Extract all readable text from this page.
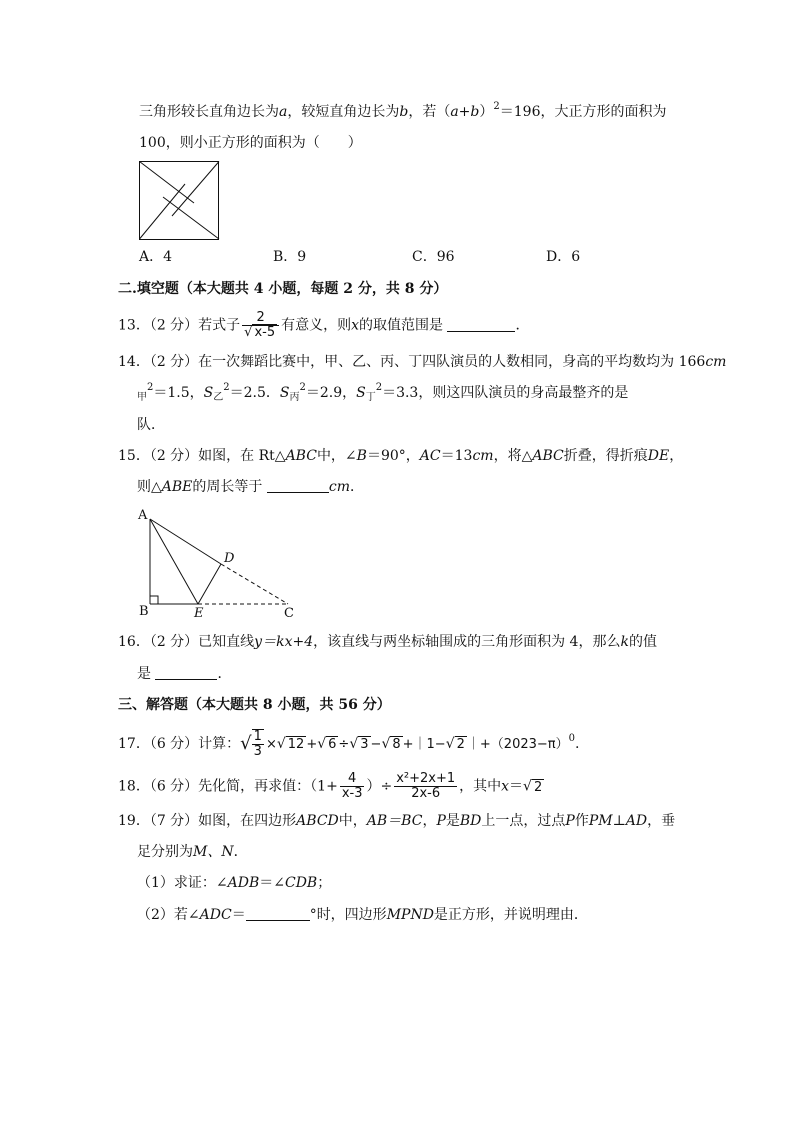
三角形较长直角边长为a，较短直角边长为b，若$(a+b)^2=196$，大正方形的面积为
100，则小正方形的面积为（　　）
A．4	B．9	C．96	D．6
二.填空题（本大题共 4 小题，每题 2 分，共 8 分）
13．（2 分）若式子 $\frac{2}{√ x-5}$ 有意义，则x的取值范围是	．
14．（2 分）在一次舞蹈比赛中，甲、乙、丙、丁四队演员的人数相同，身高的平均数均为 166cm
$_甲^2$＝1.5，$S_乙^2=2.5$．$S_丙^2=2.9$，$S_丁^2=3.3$，则这四队演员的身高最整齐的是
队．
15．（2 分）如图，在 Rt△ABC中，∠B＝90°，AC＝13cm，将△ABC折叠，得折痕DE，
则△ABE的周长等于	cm．
A
B	E	C
D
16．（2 分）已知直线y＝kx+4，该直线与两坐标轴围成的三角形面积为 4，那么k的值
是	．
三、解答题（本大题共 8 小题，共 56 分）
17．（6 分）计算：√ $\frac{1}{3}$ ×√ 12 +√ 6 ÷√ 3 −√ 8 +｜1−√ 2 $|+(2023-\pi)^0$.
18．（6 分）先化简，再求值：（$1+ \frac{4}{x-3}$ ）÷ $\frac{\text{x²+2x+1}}{2x-6}$ ，其中x＝√ 2
19．（7 分）如图，在四边形ABCD中，AB＝BC，P是BD上一点，过点P作PM⊥AD，垂
足分别为M、N．
（1）求证：∠ADB＝∠CDB；
（2）若∠ADC＝	°时，四边形MPND是正方形，并说明理由．
